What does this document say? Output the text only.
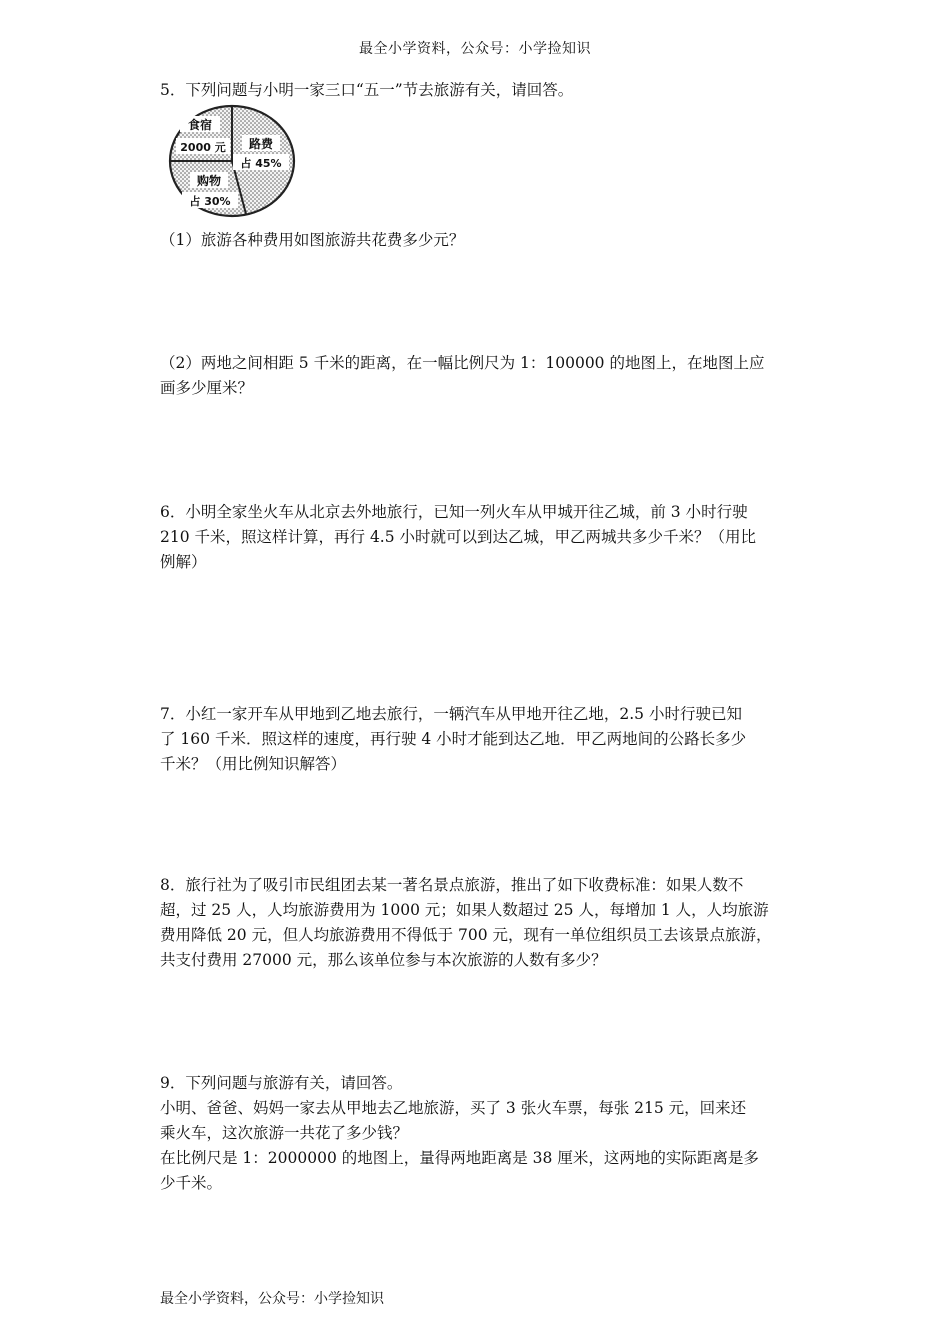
最全小学资料，公众号：小学捡知识
5．下列问题与小明一家三口“五一”节去旅游有关，请回答。
食宿
2000 元 路费
占 45%
购物
占 30%
（1）旅游各种费用如图旅游共花费多少元？
（2）两地之间相距 5 千米的距离，在一幅比例尺为 1：100000 的地图上，在地图上应
画多少厘米？
6．小明全家坐火车从北京去外地旅行，已知一列火车从甲城开往乙城，前 3 小时行驶
210 千米，照这样计算，再行 4.5 小时就可以到达乙城，甲乙两城共多少千米？（用比
例解）
7．小红一家开车从甲地到乙地去旅行，一辆汽车从甲地开往乙地，2.5 小时行驶已知
了 160 千米．照这样的速度，再行驶 4 小时才能到达乙地．甲乙两地间的公路长多少
千米？（用比例知识解答）
8．旅行社为了吸引市民组团去某一著名景点旅游，推出了如下收费标准：如果人数不
超，过 25 人，人均旅游费用为 1000 元；如果人数超过 25 人，每增加 1 人，人均旅游
费用降低 20 元，但人均旅游费用不得低于 700 元，现有一单位组织员工去该景点旅游，
共支付费用 27000 元，那么该单位参与本次旅游的人数有多少？
9．下列问题与旅游有关，请回答。
小明、爸爸、妈妈一家去从甲地去乙地旅游，买了 3 张火车票，每张 215 元，回来还
乘火车，这次旅游一共花了多少钱？
在比例尺是 1：2000000 的地图上，量得两地距离是 38 厘米，这两地的实际距离是多
少千米。
最全小学资料，公众号：小学捡知识
